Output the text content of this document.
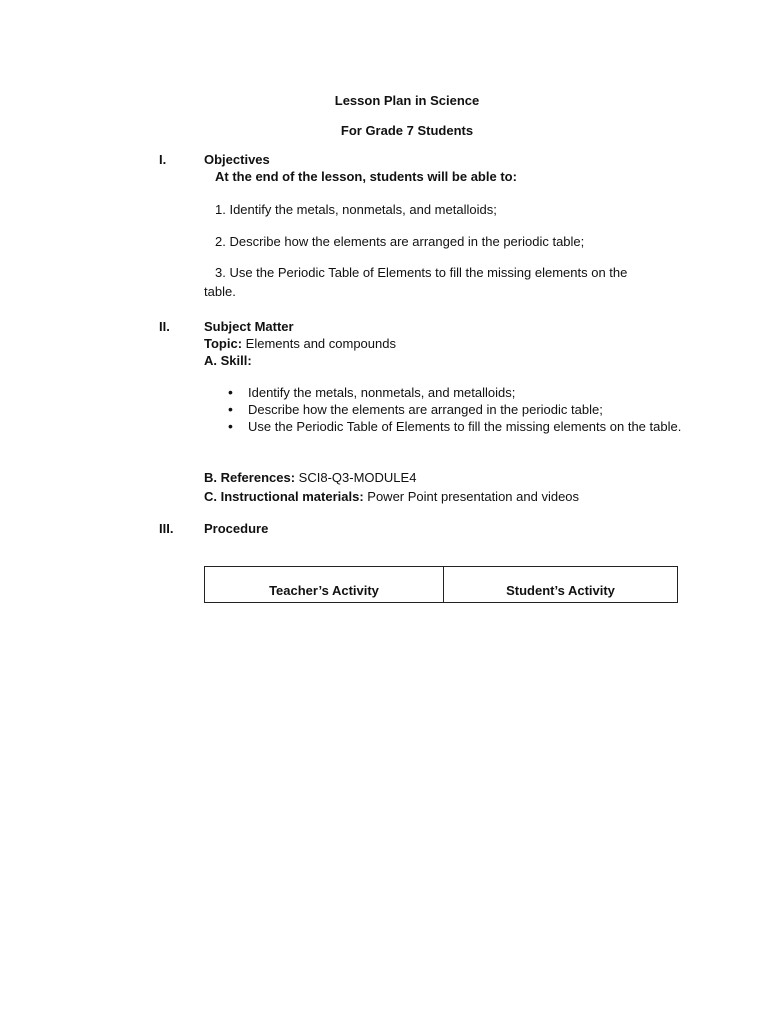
Lesson Plan in Science
For Grade 7 Students
I.	Objectives
At the end of the lesson, students will be able to:
1. Identify the metals, nonmetals, and metalloids;
2. Describe how the elements are arranged in the periodic table;
3. Use the Periodic Table of Elements to fill the missing elements on the
table.
II.	Subject Matter
Topic: Elements and compounds
A. Skill:
• Identify the metals, nonmetals, and metalloids;
• Describe how the elements are arranged in the periodic table;
• Use the Periodic Table of Elements to fill the missing elements on the table.
B. References: SCI8-Q3-MODULE4
C. Instructional materials: Power Point presentation and videos
III. Procedure
Teacher’s Activity	Student’s Activity
